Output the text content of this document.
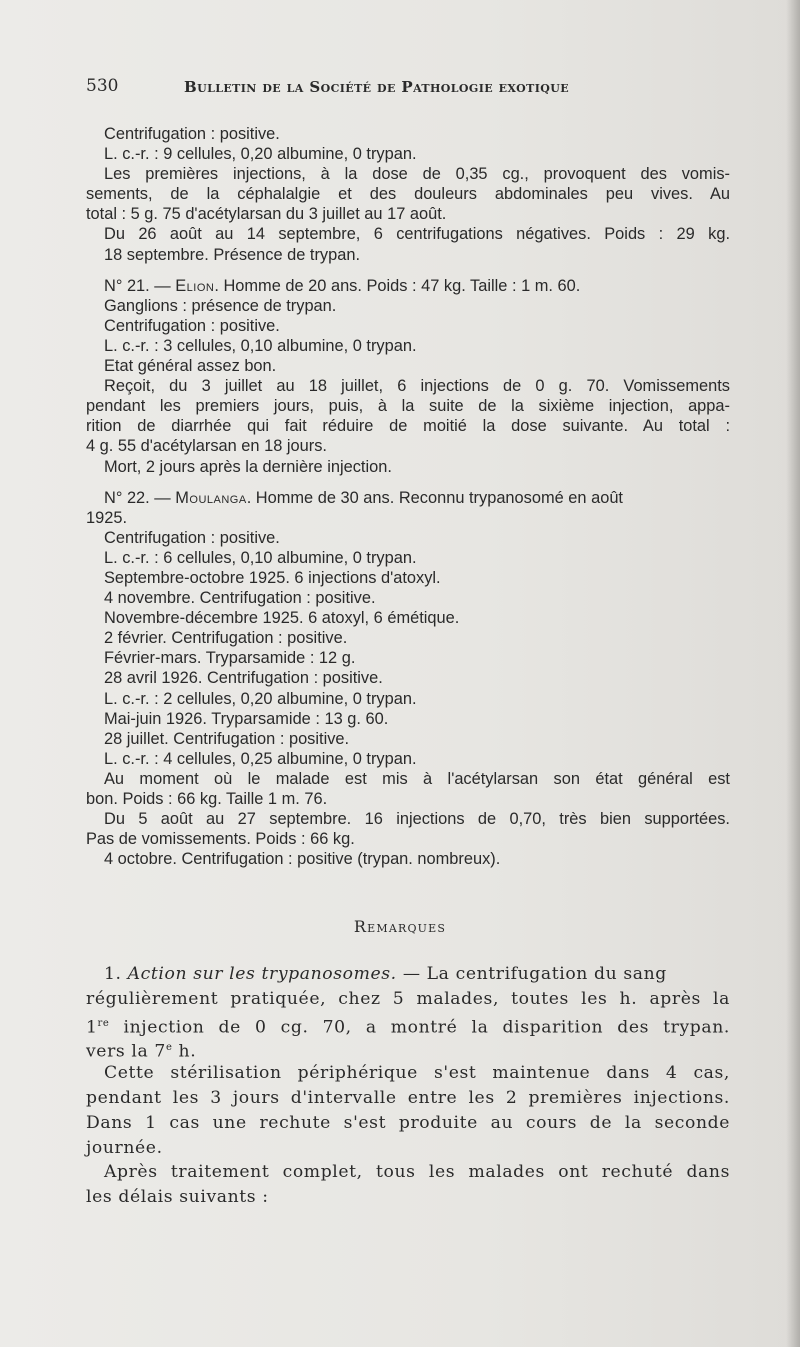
530	Bulletin de la Société de Pathologie exotique
Centrifugation : positive.
L. c.-r. : 9 cellules, 0,20 albumine, 0 trypan.
Les premières injections, à la dose de 0,35 cg., provoquent des vomis-
sements, de la céphalalgie et des douleurs abdominales peu vives. Au
total : 5 g. 75 d'acétylarsan du 3 juillet au 17 août.
Du 26 août au 14 septembre, 6 centrifugations négatives. Poids : 29 kg.
18 septembre. Présence de trypan.
N° 21. — Elion. Homme de 20 ans. Poids : 47 kg. Taille : 1 m. 60.
Ganglions : présence de trypan.
Centrifugation : positive.
L. c.-r. : 3 cellules, 0,10 albumine, 0 trypan.
Etat général assez bon.
Reçoit, du 3 juillet au 18 juillet, 6 injections de 0 g. 70. Vomissements
pendant les premiers jours, puis, à la suite de la sixième injection, appa-
rition de diarrhée qui fait réduire de moitié la dose suivante. Au total :
4 g. 55 d'acétylarsan en 18 jours.
Mort, 2 jours après la dernière injection.
N° 22. — Moulanga. Homme de 30 ans. Reconnu trypanosomé en août
1925.
Centrifugation : positive.
L. c.-r. : 6 cellules, 0,10 albumine, 0 trypan.
Septembre-octobre 1925. 6 injections d'atoxyl.
4 novembre. Centrifugation : positive.
Novembre-décembre 1925. 6 atoxyl, 6 émétique.
2 février. Centrifugation : positive.
Février-mars. Tryparsamide : 12 g.
28 avril 1926. Centrifugation : positive.
L. c.-r. : 2 cellules, 0,20 albumine, 0 trypan.
Mai-juin 1926. Tryparsamide : 13 g. 60.
28 juillet. Centrifugation : positive.
L. c.-r. : 4 cellules, 0,25 albumine, 0 trypan.
Au moment où le malade est mis à l'acétylarsan son état général est
bon. Poids : 66 kg. Taille 1 m. 76.
Du 5 août au 27 septembre. 16 injections de 0,70, très bien supportées.
Pas de vomissements. Poids : 66 kg.
4 octobre. Centrifugation : positive (trypan. nombreux).
Remarques
1. Action sur les trypanosomes. — La centrifugation du sang
régulièrement pratiquée, chez 5 malades, toutes les h. après la
1re injection de 0 cg. 70, a montré la disparition des trypan.
vers la 7e h.
Cette stérilisation périphérique s'est maintenue dans 4 cas,
pendant les 3 jours d'intervalle entre les 2 premières injections.
Dans 1 cas une rechute s'est produite au cours de la seconde
journée.
Après traitement complet, tous les malades ont rechuté dans
les délais suivants :
